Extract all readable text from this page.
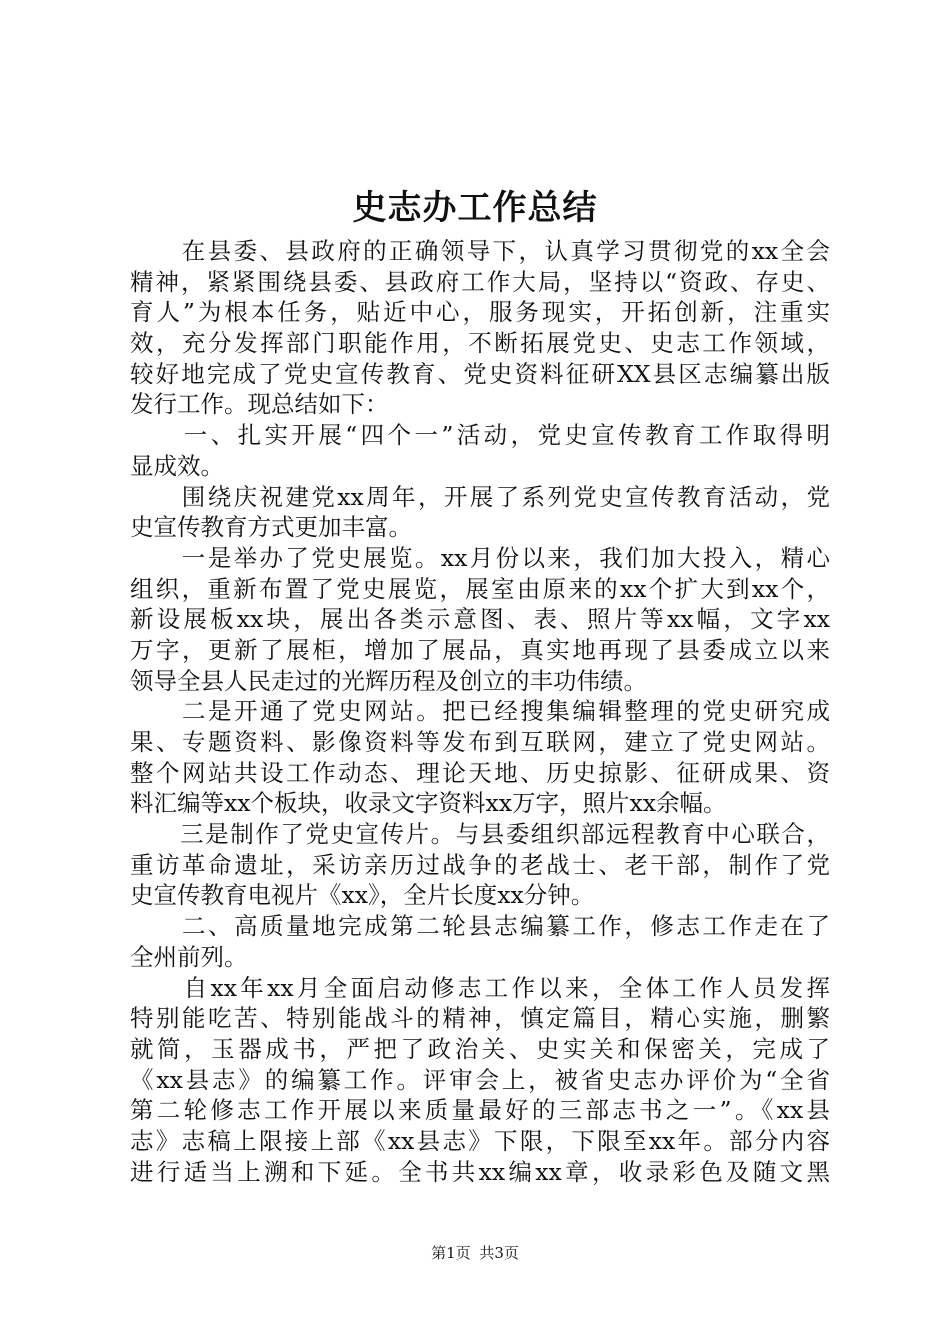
史志办工作总结
　　在县委、县政府的正确领导下，认真学习贯彻党的xx全会
精神，紧紧围绕县委、县政府工作大局，坚持以“资政、存史、
育人”为根本任务，贴近中心，服务现实，开拓创新，注重实
效，充分发挥部门职能作用，不断拓展党史、史志工作领域，
较好地完成了党史宣传教育、党史资料征研XX县区志编纂出版
发行工作。现总结如下：
　　一、扎实开展“四个一”活动，党史宣传教育工作取得明
显成效。
　　围绕庆祝建党xx周年，开展了系列党史宣传教育活动，党
史宣传教育方式更加丰富。
　　一是举办了党史展览。xx月份以来，我们加大投入，精心
组织，重新布置了党史展览，展室由原来的xx个扩大到xx个，
新设展板xx块，展出各类示意图、表、照片等xx幅，文字xx
万字，更新了展柜，增加了展品，真实地再现了县委成立以来
领导全县人民走过的光辉历程及创立的丰功伟绩。
　　二是开通了党史网站。把已经搜集编辑整理的党史研究成
果、专题资料、影像资料等发布到互联网，建立了党史网站。
整个网站共设工作动态、理论天地、历史掠影、征研成果、资
料汇编等xx个板块，收录文字资料xx万字，照片xx余幅。
　　三是制作了党史宣传片。与县委组织部远程教育中心联合，
重访革命遗址，采访亲历过战争的老战士、老干部，制作了党
史宣传教育电视片《xx》，全片长度xx分钟。
　　二、高质量地完成第二轮县志编纂工作，修志工作走在了
全州前列。
　　自xx年xx月全面启动修志工作以来，全体工作人员发挥
特别能吃苦、特别能战斗的精神，慎定篇目，精心实施，删繁
就简，玉器成书，严把了政治关、史实关和保密关，完成了
《xx县志》的编纂工作。评审会上，被省史志办评价为“全省
第二轮修志工作开展以来质量最好的三部志书之一”。《xx县
志》志稿上限接上部《xx县志》下限，下限至xx年。部分内容
进行适当上溯和下延。全书共xx编xx章，收录彩色及随文黑
第1页 共3页
